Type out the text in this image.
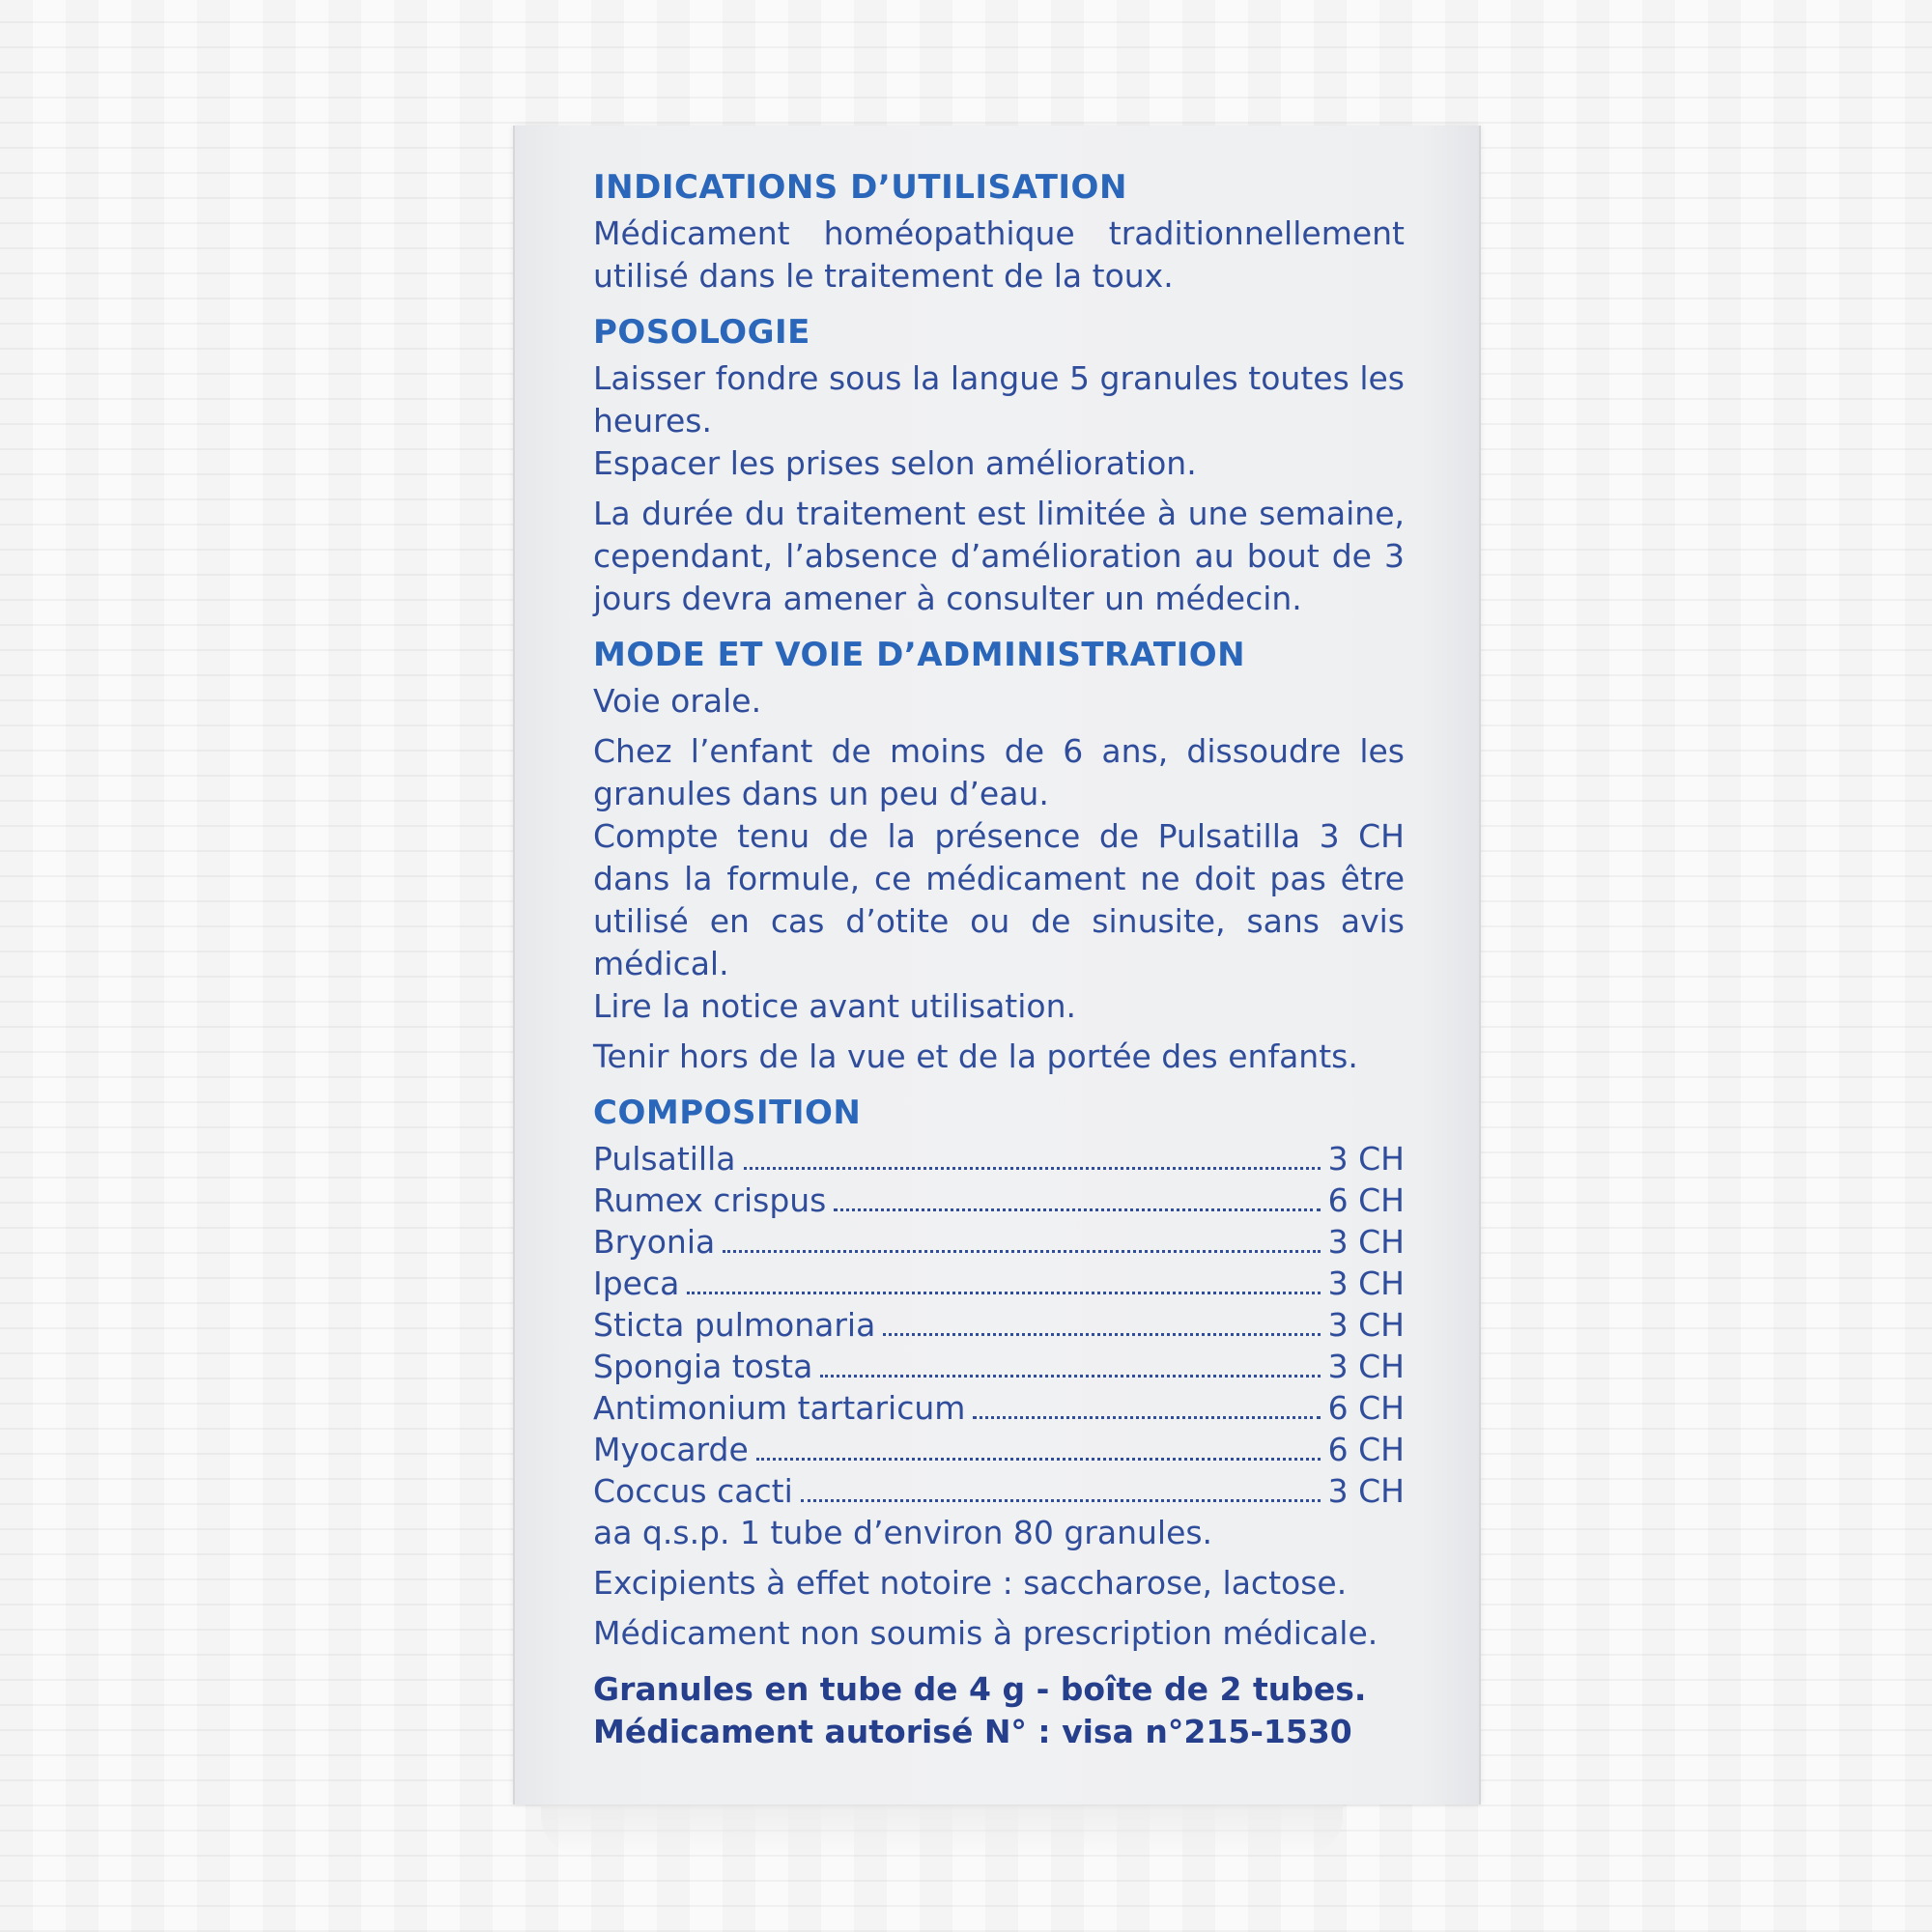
INDICATIONS D’UTILISATION

Médicament homéopathique traditionnellement utilisé dans le traitement de la toux.

POSOLOGIE

Laisser fondre sous la langue 5 granules toutes les heures.

Espacer les prises selon amélioration.

La durée du traitement est limitée à une semaine, cependant, l’absence d’amélioration au bout de 3 jours devra amener à consulter un médecin.

MODE ET VOIE D’ADMINISTRATION

Voie orale.

Chez l’enfant de moins de 6 ans, dissoudre les granules dans un peu d’eau.

Compte tenu de la présence de Pulsatilla 3 CH dans la formule, ce médicament ne doit pas être utilisé en cas d’otite ou de sinusite, sans avis médical.

Lire la notice avant utilisation.

Tenir hors de la vue et de la portée des enfants.

COMPOSITION
Pulsatilla	3 CH
Rumex crispus	6 CH
Bryonia	3 CH
Ipeca	3 CH
Sticta pulmonaria	3 CH
Spongia tosta	3 CH
Antimonium tartaricum	6 CH
Myocarde	6 CH
Coccus cacti	3 CH

aa q.s.p. 1 tube d’environ 80 granules.

Excipients à effet notoire : saccharose, lactose.

Médicament non soumis à prescription médicale.

Granules en tube de 4 g - boîte de 2 tubes.

Médicament autorisé N° : visa n°215-1530
